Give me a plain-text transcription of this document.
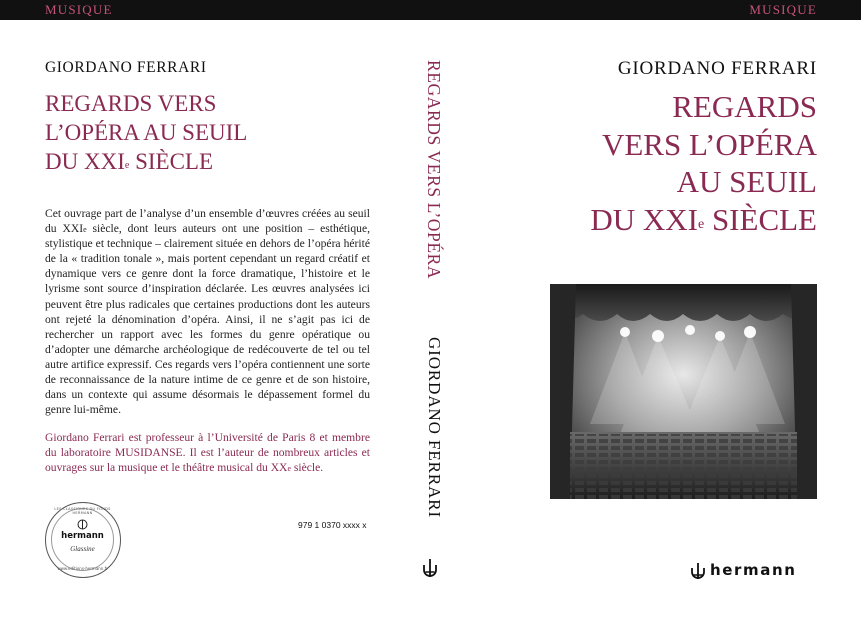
MUSIQUE	MUSIQUE
GIORDANO FERRARI
REGARDS VERS
L’OPÉRA AU SEUIL
DU XXIe SIÈCLE
Cet ouvrage part de l’analyse d’un ensemble d’œuvres créées au seuil du XXIe siècle, dont leurs auteurs ont une position – esthétique, stylistique et technique – clairement située en dehors de l’opéra hérité de la « tradition tonale », mais portent cependant un regard créatif et dynamique vers ce genre dont la force dramatique, l’histoire et le lyrisme sont source d’inspiration déclarée. Les œuvres analysées ici peuvent être plus radicales que certaines productions dont les auteurs ont rejeté la dénomination d’opéra. Ainsi, il ne s’agit pas ici de rechercher un rapport avec les formes du genre opératique ou d’adopter une démarche archéologique de redécouverte de tel ou tel autre artifice expressif. Ces regards vers l’opéra contiennent une sorte de reconnaissance de la nature intime de ce genre et de son histoire, dans un contexte qui assume désormais le dépassement formel du genre lui-même.
Giordano Ferrari est professeur à l’Université de Paris 8 et membre du laboratoire MUSIDANSE. Il est l’auteur de nombreux articles et ouvrages sur la musique et le théâtre musical du XXe siècle.
LES CLASSIQUES DU FONDS HERMANN
hermann
Glassine
www.editions-hermann.fr
979 1 0370 xxxx x
REGARDS VERS L’OPÉRA
GIORDANO FERRARI
GIORDANO FERRARI
REGARDS
VERS L’OPÉRA
AU SEUIL
DU XXIe SIÈCLE
hermann
